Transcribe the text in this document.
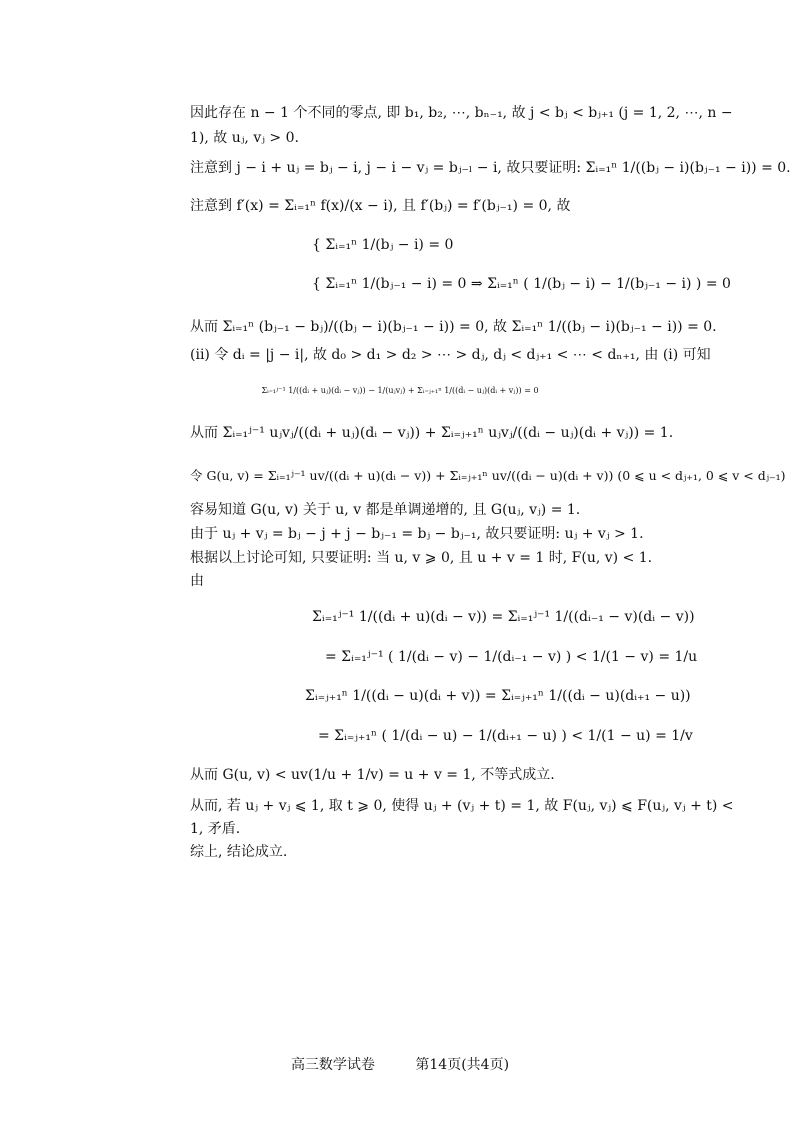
因此存在 n − 1 个不同的零点, 即 b₁, b₂, ⋯, bₙ₋₁, 故 j < bⱼ < bⱼ₊₁ (j = 1, 2, ⋯, n −
1), 故 uⱼ, vⱼ > 0.
注意到 j − i + uⱼ = bⱼ − i, j − i − vⱼ = bⱼ₋ₗ − i, 故只要证明: Σᵢ₌₁ⁿ 1/((bⱼ − i)(bⱼ₋₁ − i)) = 0.
注意到 f′(x) = Σᵢ₌₁ⁿ f(x)/(x − i), 且 f′(bⱼ) = f′(bⱼ₋₁) = 0, 故
{ Σᵢ₌₁ⁿ 1/(bⱼ − i) = 0
{ Σᵢ₌₁ⁿ 1/(bⱼ₋₁ − i) = 0 ⇒ Σᵢ₌₁ⁿ ( 1/(bⱼ − i) − 1/(bⱼ₋₁ − i) ) = 0
从而 Σᵢ₌₁ⁿ (bⱼ₋₁ − bⱼ)/((bⱼ − i)(bⱼ₋₁ − i)) = 0, 故 Σᵢ₌₁ⁿ 1/((bⱼ − i)(bⱼ₋₁ − i)) = 0.
(ii) 令 dᵢ = |j − i|, 故 d₀ > d₁ > d₂ > ⋯ > dⱼ, dⱼ < dⱼ₊₁ < ⋯ < dₙ₊₁, 由 (i) 可知
Σᵢ₌₁ʲ⁻¹ 1/((dᵢ + uⱼ)(dᵢ − vⱼ)) − 1/(uⱼvⱼ) + Σᵢ₌ⱼ₊₁ⁿ 1/((dᵢ − uⱼ)(dᵢ + vⱼ)) = 0
从而 Σᵢ₌₁ʲ⁻¹ uⱼvⱼ/((dᵢ + uⱼ)(dᵢ − vⱼ)) + Σᵢ₌ⱼ₊₁ⁿ uⱼvⱼ/((dᵢ − uⱼ)(dᵢ + vⱼ)) = 1.
令 G(u, v) = Σᵢ₌₁ʲ⁻¹ uv/((dᵢ + u)(dᵢ − v)) + Σᵢ₌ⱼ₊₁ⁿ uv/((dᵢ − u)(dᵢ + v)) (0 ⩽ u < dⱼ₊₁, 0 ⩽ v < dⱼ₋₁)
容易知道 G(u, v) 关于 u, v 都是单调递增的, 且 G(uⱼ, vⱼ) = 1.
由于 uⱼ + vⱼ = bⱼ − j + j − bⱼ₋₁ = bⱼ − bⱼ₋₁, 故只要证明: uⱼ + vⱼ > 1.
根据以上讨论可知, 只要证明: 当 u, v ⩾ 0, 且 u + v = 1 时, F(u, v) < 1.
由
Σᵢ₌₁ʲ⁻¹ 1/((dᵢ + u)(dᵢ − v)) = Σᵢ₌₁ʲ⁻¹ 1/((dᵢ₋₁ − v)(dᵢ − v))
= Σᵢ₌₁ʲ⁻¹ ( 1/(dᵢ − v) − 1/(dᵢ₋₁ − v) ) < 1/(1 − v) = 1/u
Σᵢ₌ⱼ₊₁ⁿ 1/((dᵢ − u)(dᵢ + v)) = Σᵢ₌ⱼ₊₁ⁿ 1/((dᵢ − u)(dᵢ₊₁ − u))
= Σᵢ₌ⱼ₊₁ⁿ ( 1/(dᵢ − u) − 1/(dᵢ₊₁ − u) ) < 1/(1 − u) = 1/v
从而 G(u, v) < uv(1/u + 1/v) = u + v = 1, 不等式成立.
从而, 若 uⱼ + vⱼ ⩽ 1, 取 t ⩾ 0, 使得 uⱼ + (vⱼ + t) = 1, 故 F(uⱼ, vⱼ) ⩽ F(uⱼ, vⱼ + t) <
1, 矛盾.
综上, 结论成立.
高三数学试卷	第14页(共4页)
